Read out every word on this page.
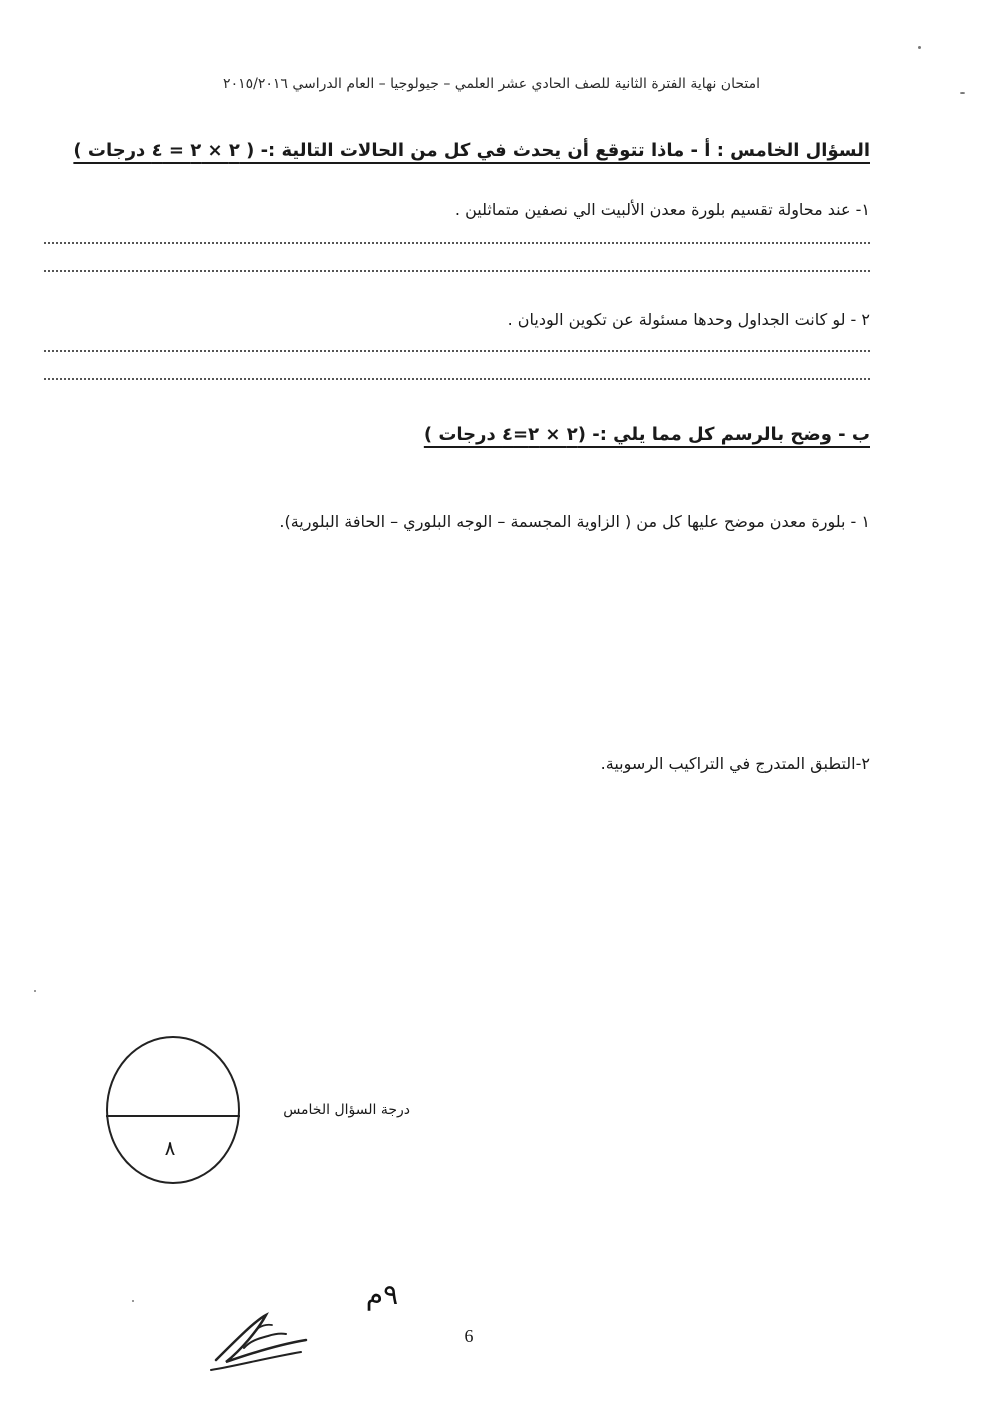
امتحان نهاية الفترة الثانية للصف الحادي عشر العلمي – جيولوجيا – العام الدراسي ٢٠١٥/٢٠١٦
السؤال الخامس : أ - ماذا تتوقع أن يحدث في كل من الحالات التالية :- ( ٢ × ٢ = ٤ درجات )
١- عند محاولة تقسيم بلورة معدن الألبيت الي نصفين متماثلين .
٢ - لو كانت الجداول وحدها مسئولة عن تكوين الوديان .
ب - وضح بالرسم كل مما يلي :- (٢ × ٢=٤ درجات )
١ - بلورة معدن موضح عليها كل من ( الزاوية المجسمة – الوجه البلوري – الحافة البلورية).
٢-التطبق المتدرج في التراكيب الرسوبية.
٨
درجة السؤال الخامس
٩م
6
